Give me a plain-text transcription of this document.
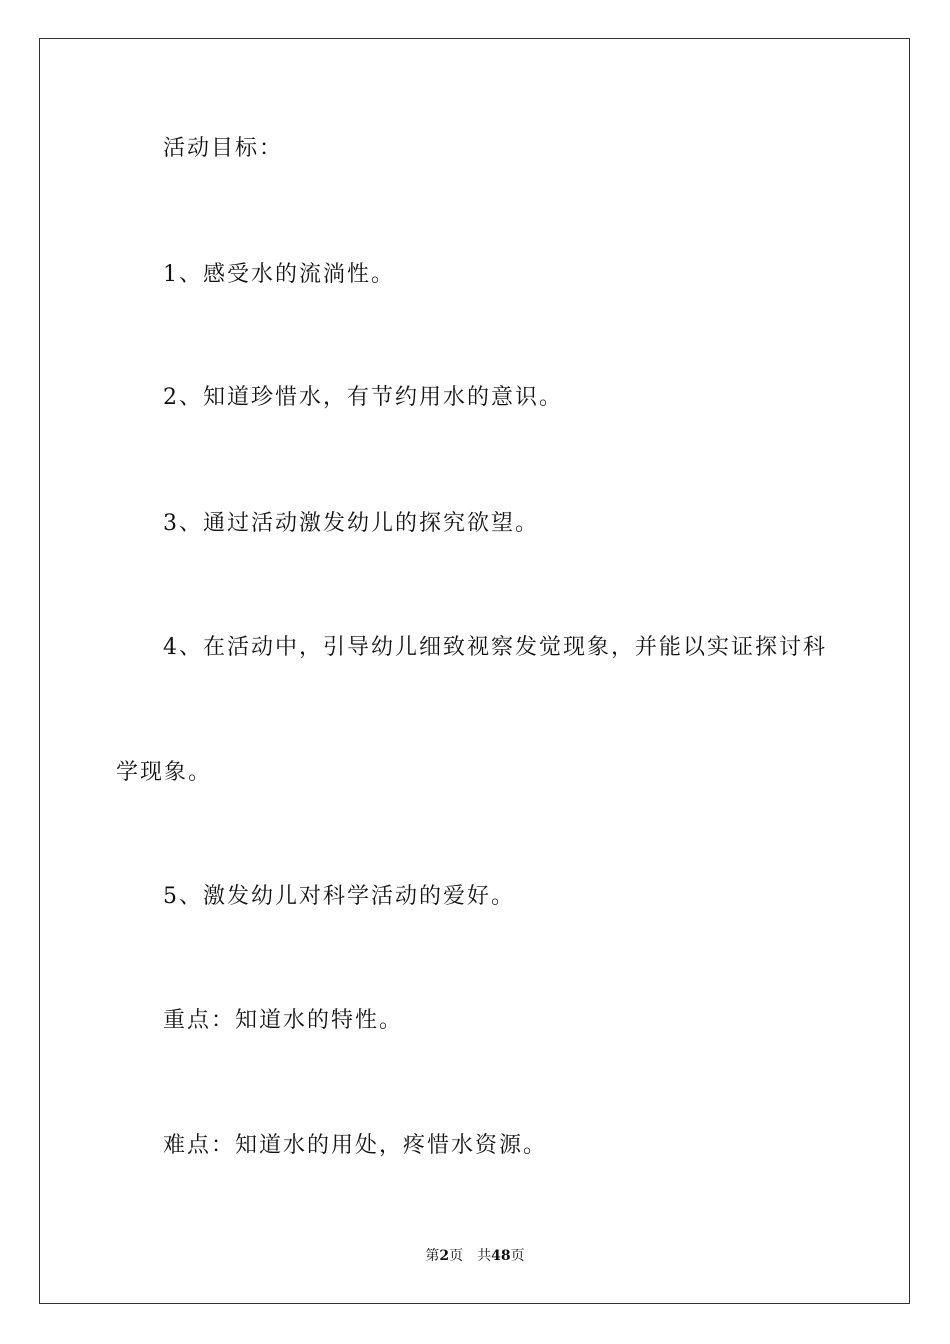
活动目标：
1、感受水的流淌性。
2、知道珍惜水，有节约用水的意识。
3、通过活动激发幼儿的探究欲望。
4、在活动中，引导幼儿细致视察发觉现象，并能以实证探讨科
学现象。
5、激发幼儿对科学活动的爱好。
重点：知道水的特性。
难点：知道水的用处，疼惜水资源。
第2页 共48页
